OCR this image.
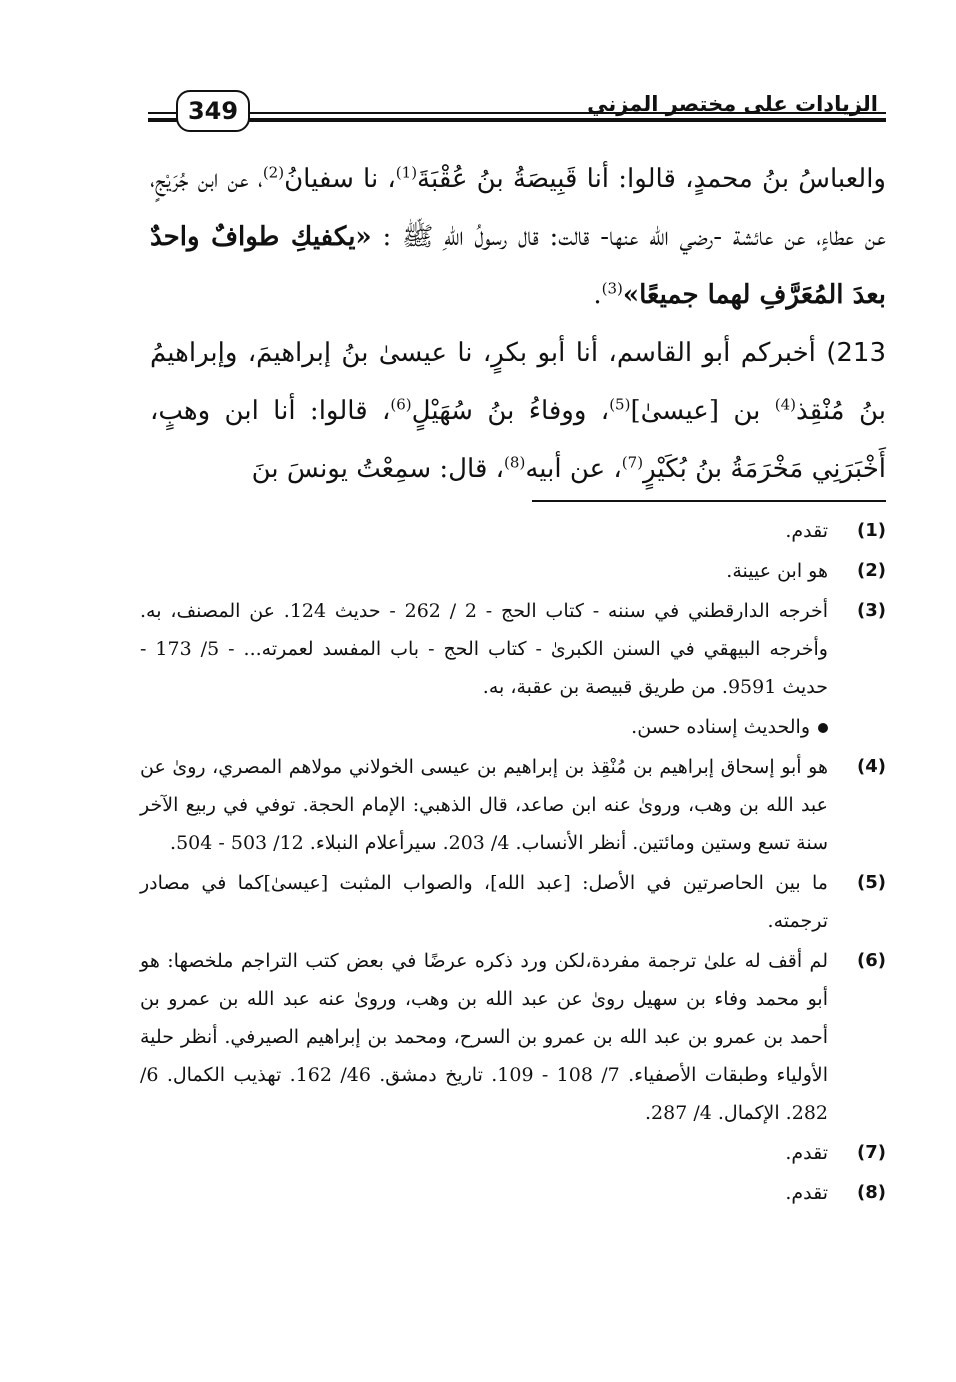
349	الزيادات على مختصر المزني

والعباسُ بنُ محمدٍ، قالوا: أنا قَبِيصَةُ بنُ عُقْبَةَ$^{(1)}$، نا سفيانُ$^{(2)}$، عن ابن جُرَيْجٍ، عن عطاءٍ، عن عائشة -رضي الله عنها- قالت: قال رسولُ اللهِ ﷺ : «يكفيكِ طوافٌ واحدٌ بعدَ المُعَرَّفِ لهما جميعًا»$^{(3)}$.

213) أخبركم أبو القاسم، أنا أبو بكرٍ، نا عيسىٰ بنُ إبراهيمَ، وإبراهيمُ بنُ مُنْقِذ$^{(4)}$ بن [عيسىٰ]$^{(5)}$، ووفاءُ بنُ سُهَيْلٍ$^{(6)}$، قالوا: أنا ابن وهبٍ، أَخْبَرَنِي مَخْرَمَةُ بنُ بُكَيْرٍ$^{(7)}$، عن أبيه$^{(8)}$، قال: سمِعْتُ يونسَ بنَ

(1)
تقدم.
(2)
هو ابن عيينة.
(3)
أخرجه الدارقطني في سننه - كتاب الحج - 2 / 262 - حديث 124. عن المصنف، به. وأخرجه البيهقي في السنن الكبرىٰ - كتاب الحج - باب المفسد لعمرته... - 5/ 173 - حديث 9591. من طريق قبيصة بن عقبة، به.
والحديث إسناده حسن.
(4)
هو أبو إسحاق إبراهيم بن مُنْقِذ بن إبراهيم بن عيسى الخولاني مولاهم المصري، روىٰ عن عبد الله بن وهب، وروىٰ عنه ابن صاعد، قال الذهبي: الإمام الحجة. توفي في ربيع الآخر سنة تسع وستين ومائتين. أنظر الأنساب. 4/ 203. سيرأعلام النبلاء. 12/ 503 - 504.
(5)
ما بين الحاصرتين في الأصل: [عبد الله]، والصواب المثبت [عيسىٰ]كما في مصادر ترجمته.
(6)
لم أقف له علىٰ ترجمة مفردة،لكن ورد ذكره عرضًا في بعض كتب التراجم ملخصها: هو أبو محمد وفاء بن سهيل روىٰ عن عبد الله بن وهب، وروىٰ عنه عبد الله بن عمرو بن أحمد بن عمرو بن عبد الله بن عمرو بن السرح، ومحمد بن إبراهيم الصيرفي. أنظر حلية الأولياء وطبقات الأصفياء. 7/ 108 - 109. تاريخ دمشق. 46/ 162. تهذيب الكمال. 6/ 282. الإكمال. 4/ 287.
(7)
تقدم.
(8)
تقدم.
